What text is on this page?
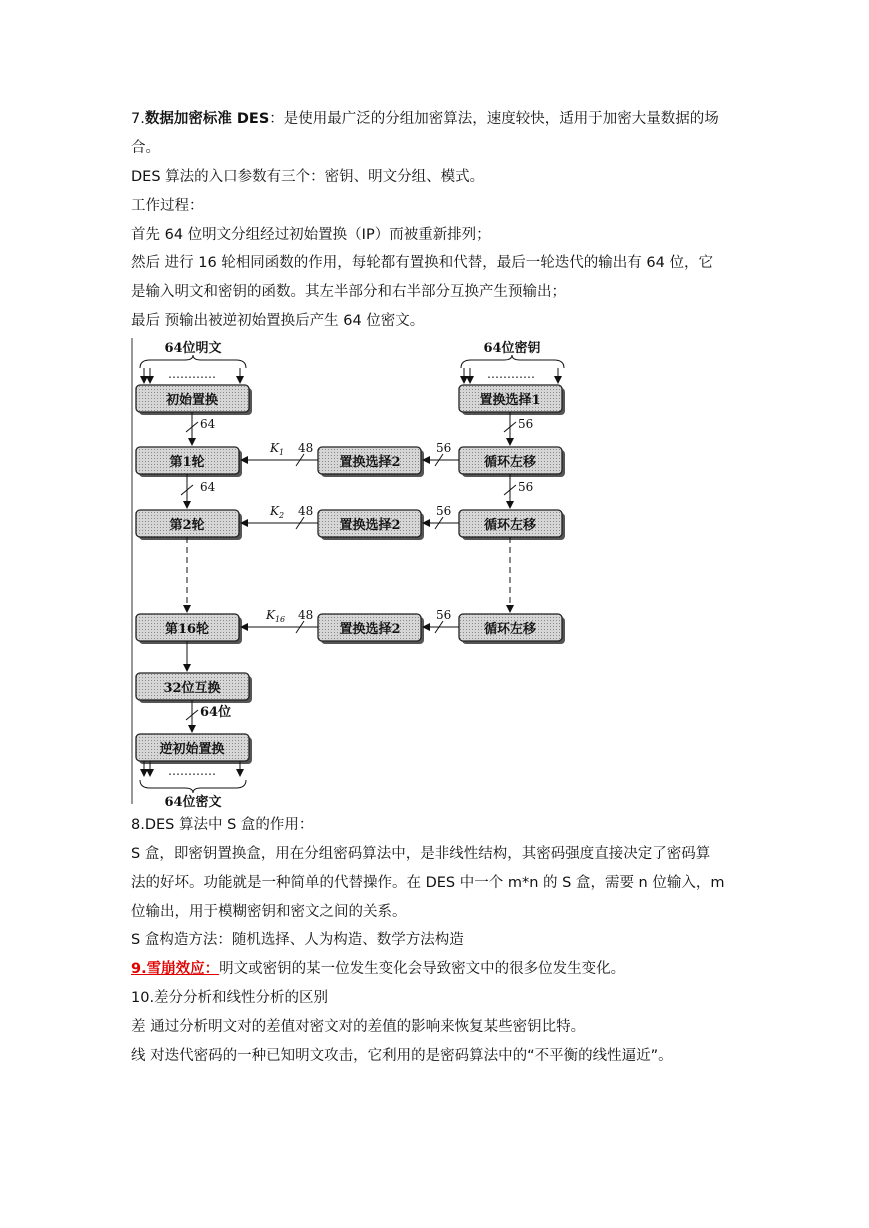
7.数据加密标准 DES：是使用最广泛的分组加密算法，速度较快，适用于加密大量数据的场
合。
DES 算法的入口参数有三个：密钥、明文分组、模式。
工作过程：
首先 64 位明文分组经过初始置换（IP）而被重新排列；
然后 进行 16 轮相同函数的作用，每轮都有置换和代替，最后一轮迭代的输出有 64 位，它
是输入明文和密钥的函数。其左半部分和右半部分互换产生预输出；
最后 预输出被逆初始置换后产生 64 位密文。
64位明文	64位密钥
…………	…………
初始置换	置换选择1
64	56
第1轮	置换选择2	循环左移
56
48
$K_1$
64	56
第2轮	置换选择2	循环左移
56
48
$K_2$
第16轮	置换选择2	循环左移
56
48
$K_{16}$
32位互换
64位
逆初始置换
…………
64位密文
8.DES 算法中 S 盒的作用：
S 盒，即密钥置换盒，用在分组密码算法中，是非线性结构，其密码强度直接决定了密码算
法的好坏。功能就是一种简单的代替操作。在 DES 中一个 m*n 的 S 盒，需要 n 位输入，m
位输出，用于模糊密钥和密文之间的关系。
S 盒构造方法：随机选择、人为构造、数学方法构造
9.雪崩效应：明文或密钥的某一位发生变化会导致密文中的很多位发生变化。
10.差分分析和线性分析的区别
差 通过分析明文对的差值对密文对的差值的影响来恢复某些密钥比特。
线 对迭代密码的一种已知明文攻击，它利用的是密码算法中的“不平衡的线性逼近”。
